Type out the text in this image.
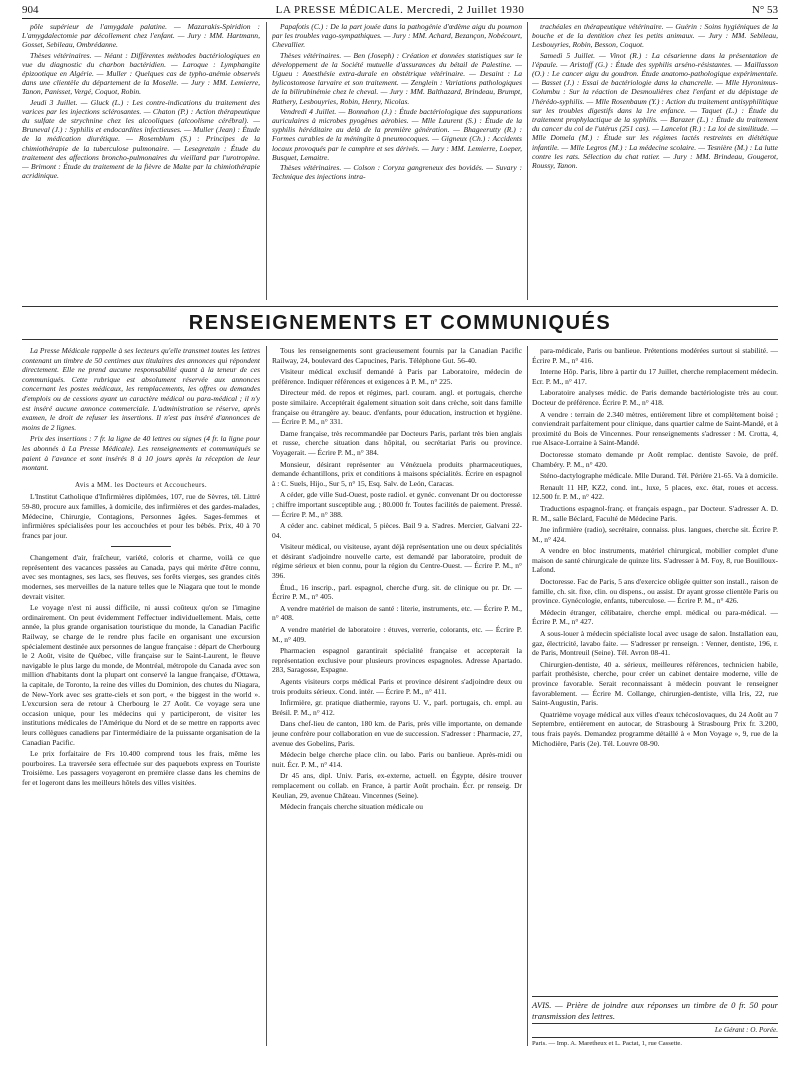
904	LA PRESSE MÉDICALE. Mercredi, 2 Juillet 1930	N° 53

pôle supérieur de l'amygdale palatine. — Mazarakis-Spiridion : L'amygdalectomie par décollement chez l'enfant. — Jury : MM. Hartmann, Gosset, Sebileau, Ombrédanne.

Thèses vétérinaires. — Néant : Différentes méthodes bactériologiques en vue du diagnostic du charbon bactéridien. — Laroque : Lymphangite épizootique en Algérie. — Muller : Quelques cas de typho-anémie observés dans une clientèle du département de la Moselle. — Jury : MM. Lemierre, Tanon, Panisset, Vergé, Coquot, Robin.

Jeudi 3 Juillet. — Gluck (L.) : Les contre-indications du traitement des varices par les injections sclérosantes. — Chaton (P.) : Action thérapeutique du sulfate de strychnine chez les alcooliques (alcoolisme cérébral). — Bruneval (J.) : Syphilis et endocardites infectieuses. — Muller (Jean) : Étude de la médication diurétique. — Rosemblum (S.) : Principes de la chimiothérapie de la tuberculose pulmonaire. — Lesegretain : Étude du traitement des affections broncho-pulmonaires du vieillard par l'urotropine. — Brimont : Étude du traitement de la fièvre de Malte par la chimiothérapie acridinique.

Papafotis (C.) : De la part jouée dans la pathogénie d'œdème aigu du poumon par les troubles vago-sympathiques. — Jury : MM. Achard, Bezançon, Nobécourt, Chevallier.

Thèses vétérinaires. — Ben (Joseph) : Création et données statistiques sur le développement de la Société mutuelle d'assurances du bétail de Palestine. — Ugueu : Anesthésie extra-durale en obstétrique vétérinaire. — Desaint : La bylicostomose larvaire et son traitement. — Zenglein : Variations pathologiques de la bilirubinémie chez le cheval. — Jury : MM. Balthazard, Brindeau, Brumpt, Rathery, Lesbouyries, Robin, Henry, Nicolas.

Vendredi 4 Juillet. — Bonnahon (J.) : Étude bactériologique des suppurations auriculaires à microbes pyogènes aérobies. — Mlle Laurent (S.) : Étude de la syphilis héréditaire au delà de la première génération. — Bhageerutty (R.) : Formes curables de la méningite à pneumocoques. — Gigneux (Ch.) : Accidents locaux provoqués par le camphre et ses dérivés. — Jury : MM. Lemierre, Loeper, Busquet, Lemaitre.

Thèses vétérinaires. — Colson : Coryza gangreneux des bovidés. — Suvary : Technique des injections intra-

trachéales en thérapeutique vétérinaire. — Guérin : Soins hygiéniques de la bouche et de la dentition chez les petits animaux. — Jury : MM. Sebileau, Lesbouyries, Robin, Besson, Coquot.

Samedi 5 Juillet. — Vinot (R.) : La césarienne dans la présentation de l'épaule. — Aristoff (G.) : Étude des syphilis arséno-résistantes. — Maillasson (O.) : Le cancer aigu du goudron. Étude anatomo-pathologique expérimentale. — Basset (J.) : Essai de bactériologie dans la chancrelle. — Mlle Hyronimus-Columbu : Sur la réaction de Desmoulières chez l'enfant et du dépistage de l'hérédo-syphilis. — Mlle Rosenbaum (Y.) : Action du traitement antisyphilitique sur les troubles digestifs dans la 1re enfance. — Taquet (L.) : Étude du traitement prophylactique de la syphilis. — Barazer (L.) : Étude du traitement du cancer du col de l'utérus (251 cas). — Lancelot (R.) : La loi de similitude. — Mlle Domela (M.) : Étude sur les régimes lactés restreints en diététique infantile. — Mlle Legros (M.) : La médecine scolaire. — Tesnière (M.) : La lutte contre les rats. Sélection du chat ratier. — Jury : MM. Brindeau, Gougerot, Roussy, Tanon.

RENSEIGNEMENTS ET COMMUNIQUÉS

La Presse Médicale rappelle à ses lecteurs qu'elle transmet toutes les lettres contenant un timbre de 50 centimes aux titulaires des annonces qui répondent directement. Elle ne prend aucune responsabilité quant à la teneur de ces communiqués. Cette rubrique est absolument réservée aux annonces concernant les postes médicaux, les remplacements, les offres ou demandes d'emplois ou de cessions ayant un caractère médical ou para-médical ; il n'y est inséré aucune annonce commerciale. L'administration se réserve, après examen, le droit de refuser les insertions. Il n'est pas inséré d'annonces de moins de 2 lignes.

Prix des insertions : 7 fr. la ligne de 40 lettres ou signes (4 fr. la ligne pour les abonnés à La Presse Médicale). Les renseignements et communiqués se paient à l'avance et sont insérés 8 à 10 jours après la réception de leur montant.

Avis a MM. les Docteurs et Accoucheurs.

L'Institut Catholique d'Infirmières diplômées, 107, rue de Sèvres, tél. Littré 59-80, procure aux familles, à domicile, des infirmières et des gardes-malades, Médecine, Chirurgie, Contagions, Personnes âgées. Sages-femmes et infirmières spécialisées pour les accouchées et pour les bébés. Prix, 40 à 70 francs par jour.

Changement d'air, fraîcheur, variété, coloris et charme, voilà ce que représentent des vacances passées au Canada, pays qui mérite d'être connu, avec ses montagnes, ses lacs, ses fleuves, ses forêts vierges, ses grandes cités modernes, ses merveilles de la nature telles que le Niagara que tout le monde devrait visiter.

Le voyage n'est ni aussi difficile, ni aussi coûteux qu'on se l'imagine ordinairement. On peut évidemment l'effectuer individuellement. Mais, cette année, la plus grande organisation touristique du monde, la Canadian Pacific Railway, se charge de le rendre plus facile en organisant une excursion spécialement destinée aux personnes de langue française : départ de Cherbourg le 2 Août, visite de Québec, ville française sur le Saint-Laurent, le fleuve navigable le plus large du monde, de Montréal, métropole du Canada avec son million d'habitants dont la plupart ont conservé la langue française, d'Ottawa, la capitale, de Toronto, la reine des villes du Dominion, des chutes du Niagara, de New-York avec ses gratte-ciels et son port, « the biggest in the world ». L'excursion sera de retour à Cherbourg le 27 Août. Ce voyage sera une occasion unique, pour les médecins qui y participeront, de visiter les institutions médicales de l'Amérique du Nord et de se mettre en rapports avec leurs collègues canadiens par l'intermédiaire de la puissante organisation de la Canadian Pacific.

Le prix forfaitaire de Frs 10.400 comprend tous les frais, même les pourboires. La traversée sera effectuée sur des paquebots express en Touriste Troisième. Les passagers voyageront en première classe dans les chemins de fer et logeront dans les meilleurs hôtels des villes visitées.

Tous les renseignements sont gracieusement fournis par la Canadian Pacific Railway, 24, boulevard des Capucines, Paris. Téléphone Gut. 56-40.

Visiteur médical exclusif demandé à Paris par Laboratoire, médecin de préférence. Indiquer références et exigences à P. M., n° 225.

Directeur méd. de repos et régimes, parl. couram. angl. et portugais, cherche poste similaire. Acceptérait également situation soit dans crèche, soit dans famille française ou étrangère ay. beauc. d'enfants, pour éducation, instruction et hygiène. — Écrire P. M., n° 331.

Dame française, très recommandée par Docteurs Paris, parlant très bien anglais et russe, cherche situation dans hôpital, ou secrétariat Paris ou province. Voyagerait. — Écrire P. M., n° 384.

Monsieur, désirant représenter au Vénézuela produits pharmaceutiques, demande échantillons, prix et conditions à maisons spécialités. Écrire en espagnol à : C. Suels, Hijo., Sur 5, n° 15, Esq. Salv. de León, Caracas.

A céder, gde ville Sud-Ouest, poste radiol. et gynéc. convenant Dr ou doctoresse ; chiffre important susceptible aug. ; 80.000 fr. Toutes facilités de paiement. Pressé. — Écrire P. M., n° 388.

A céder anc. cabinet médical, 5 pièces. Bail 9 a. S'adres. Mercier, Galvani 22-04.

Visiteur médical, ou visiteuse, ayant déjà représentation une ou deux spécialités et désirant s'adjoindre nouvelle carte, est demandé par laboratoire, produit de régime sérieux et bien connu, pour la région du Centre-Ouest. — Écrire P. M., n° 396.

Étud., 16 inscrip., parl. espagnol, cherche d'urg. sit. de clinique ou pr. Dr. — Écrire P. M., n° 405.

A vendre matériel de maison de santé : literie, instruments, etc. — Écrire P. M., n° 408.

A vendre matériel de laboratoire : étuves, verrerie, colorants, etc. — Écrire P. M., n° 409.

Pharmacien espagnol garantirait spécialité française et accepterait la représentation exclusive pour plusieurs provinces espagnoles. Adresse Apartado. 283, Saragosse, Espagne.

Agents visiteurs corps médical Paris et province désirent s'adjoindre deux ou trois produits sérieux. Cond. intér. — Écrire P. M., n° 411.

Infirmière, gr. pratique diathermie, rayons U. V., parl. portugais, ch. empl. au Brésil. P. M., n° 412.

Dans chef-lieu de canton, 180 km. de Paris, près ville importante, on demande jeune confrère pour collaboration en vue de succession. S'adresser : Pharmacie, 27, avenue des Gobelins, Paris.

Médecin belge cherche place clin. ou labo. Paris ou banlieue. Après-midi ou nuit. Écr. P. M., n° 414.

Dr 45 ans, dipl. Univ. Paris, ex-externe, actuell. en Égypte, désire trouver remplacement ou collab. en France, à partir Août prochain. Écr. pr renseig. Dr Keulian, 29, avenue Château. Vincennes (Seine).

Médecin français cherche situation médicale ou

para-médicale, Paris ou banlieue. Prétentions modérées surtout si stabilité. — Écrire P. M., n° 416.

Interne Hôp. Paris, libre à partir du 17 Juillet, cherche remplacement médecin. Ecr. P. M., n° 417.

Laboratoire analyses médic. de Paris demande bactériologiste très au cour. Docteur de préférence. Écrire P. M., n° 418.

A vendre : terrain de 2.340 mètres, entièrement libre et complètement boisé ; conviendrait parfaitement pour clinique, dans quartier calme de Saint-Mandé, et à proximité du Bois de Vincennes. Pour renseignements s'adresser : M. Crotta, 4, rue Alsace-Lorraine à Saint-Mandé.

Doctoresse stomato demande pr Août remplac. dentiste Savoie, de préf. Chambéry. P. M., n° 420.

Sténo-dactylographe médicale. Mlle Durand. Tél. Périère 21-65. Va à domicile.

Renault 11 HP, KZ2, cond. int., luxe, 5 places, exc. état, roues et access. 12.500 fr. P. M., n° 422.

Traductions espagnol-franç. et français espagn., par Docteur. S'adresser A. D. R. M., salle Béclard, Faculté de Médecine Paris.

Jne infirmière (radio), secrétaire, connaiss. plus. langues, cherche sit. Écrire P. M., n° 424.

A vendre en bloc instruments, matériel chirurgical, mobilier complet d'une maison de santé chirurgicale de quinze lits. S'adresser à M. Foy, 8, rue Bouilloux-Lafond.

Doctoresse. Fac de Paris, 5 ans d'exercice obligée quitter son install., raison de famille, ch. sit. fixe, clin. ou dispens., ou assist. Dr ayant grosse clientèle Paris ou province. Gynécologie, enfants, tuberculose. — Écrire P. M., n° 426.

Médecin étranger, célibataire, cherche empl. médical ou para-médical. — Écrire P. M., n° 427.

A sous-louer à médecin spécialiste local avec usage de salon. Installation eau, gaz, électricité, lavabo faite. — S'adresser pr renseign. : Venner, dentiste, 196, r. de Paris, Montreuil (Seine). Tél. Avron 08-41.

Chirurgien-dentiste, 40 a. sérieux, meilleures références, technicien habile, parfait prothésiste, cherche, pour créer un cabinet dentaire moderne, ville de province favorable. Serait reconnaissant à médecin pouvant le renseigner favorablement. — Écrire M. Collange, chirurgien-dentiste, villa Iris, 22, rue Saint-Augustin, Paris.

Quatrième voyage médical aux villes d'eaux tchécoslovaques, du 24 Août au 7 Septembre, entièrement en autocar, de Strasbourg à Strasbourg Prix fr. 3.200, tous frais payés. Demandez programme détaillé à « Mon Voyage », 9, rue de la Michodière, Paris (2e). Tél. Louvre 08-90.

AVIS. — Prière de joindre aux réponses un timbre de 0 fr. 50 pour transmission des lettres.
Le Gérant : O. Porée.
Paris. — Imp. A. Maretheux et L. Pactat, 1, rue Cassette.
